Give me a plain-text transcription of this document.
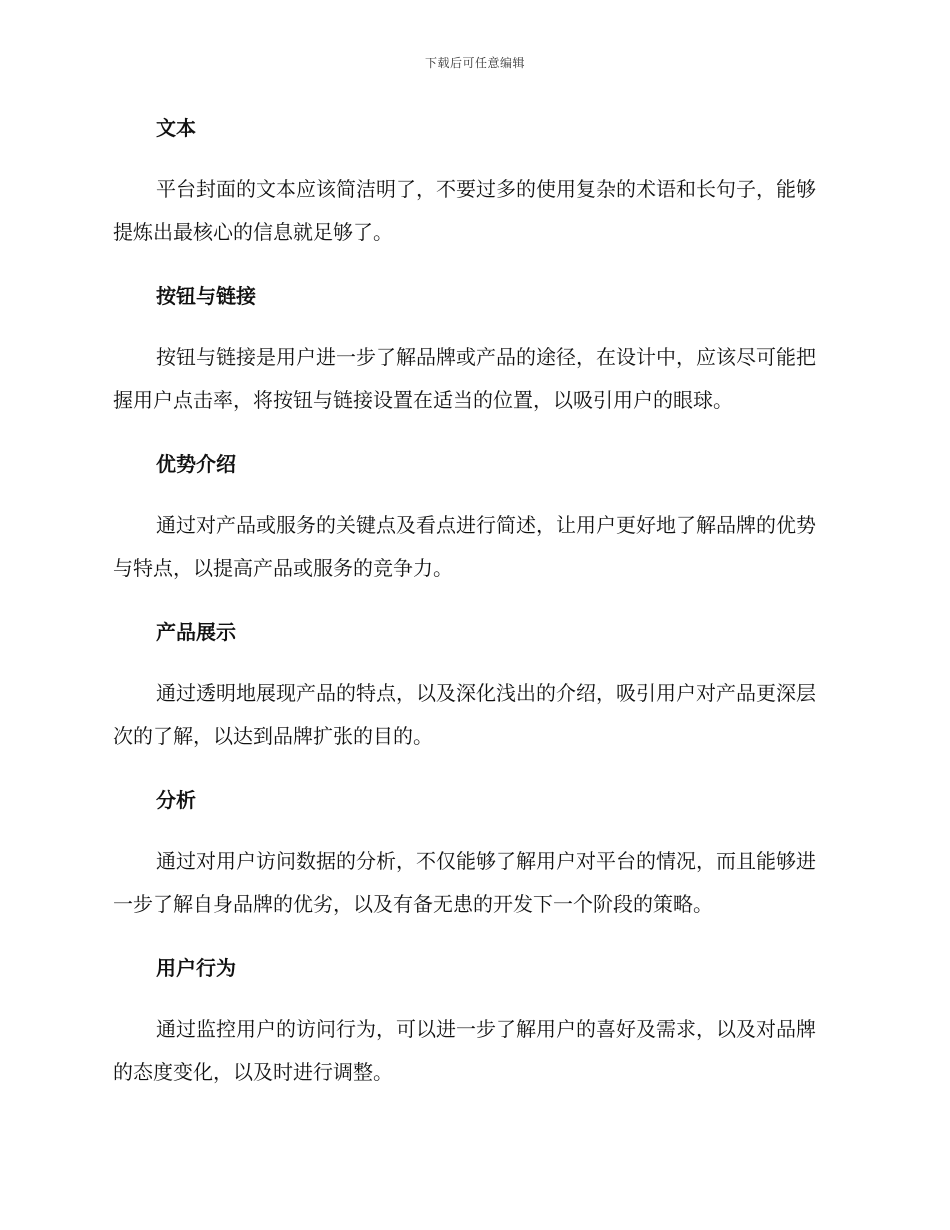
下载后可任意编辑
文本

平台封面的文本应该简洁明了，不要过多的使用复杂的术语和长句子，能够提炼出最核心的信息就足够了。

按钮与链接

按钮与链接是用户进一步了解品牌或产品的途径，在设计中，应该尽可能把握用户点击率，将按钮与链接设置在适当的位置，以吸引用户的眼球。

优势介绍

通过对产品或服务的关键点及看点进行简述，让用户更好地了解品牌的优势与特点，以提高产品或服务的竞争力。

产品展示

通过透明地展现产品的特点，以及深化浅出的介绍，吸引用户对产品更深层次的了解，以达到品牌扩张的目的。

分析

通过对用户访问数据的分析，不仅能够了解用户对平台的情况，而且能够进一步了解自身品牌的优劣，以及有备无患的开发下一个阶段的策略。

用户行为

通过监控用户的访问行为，可以进一步了解用户的喜好及需求，以及对品牌的态度变化，以及时进行调整。
